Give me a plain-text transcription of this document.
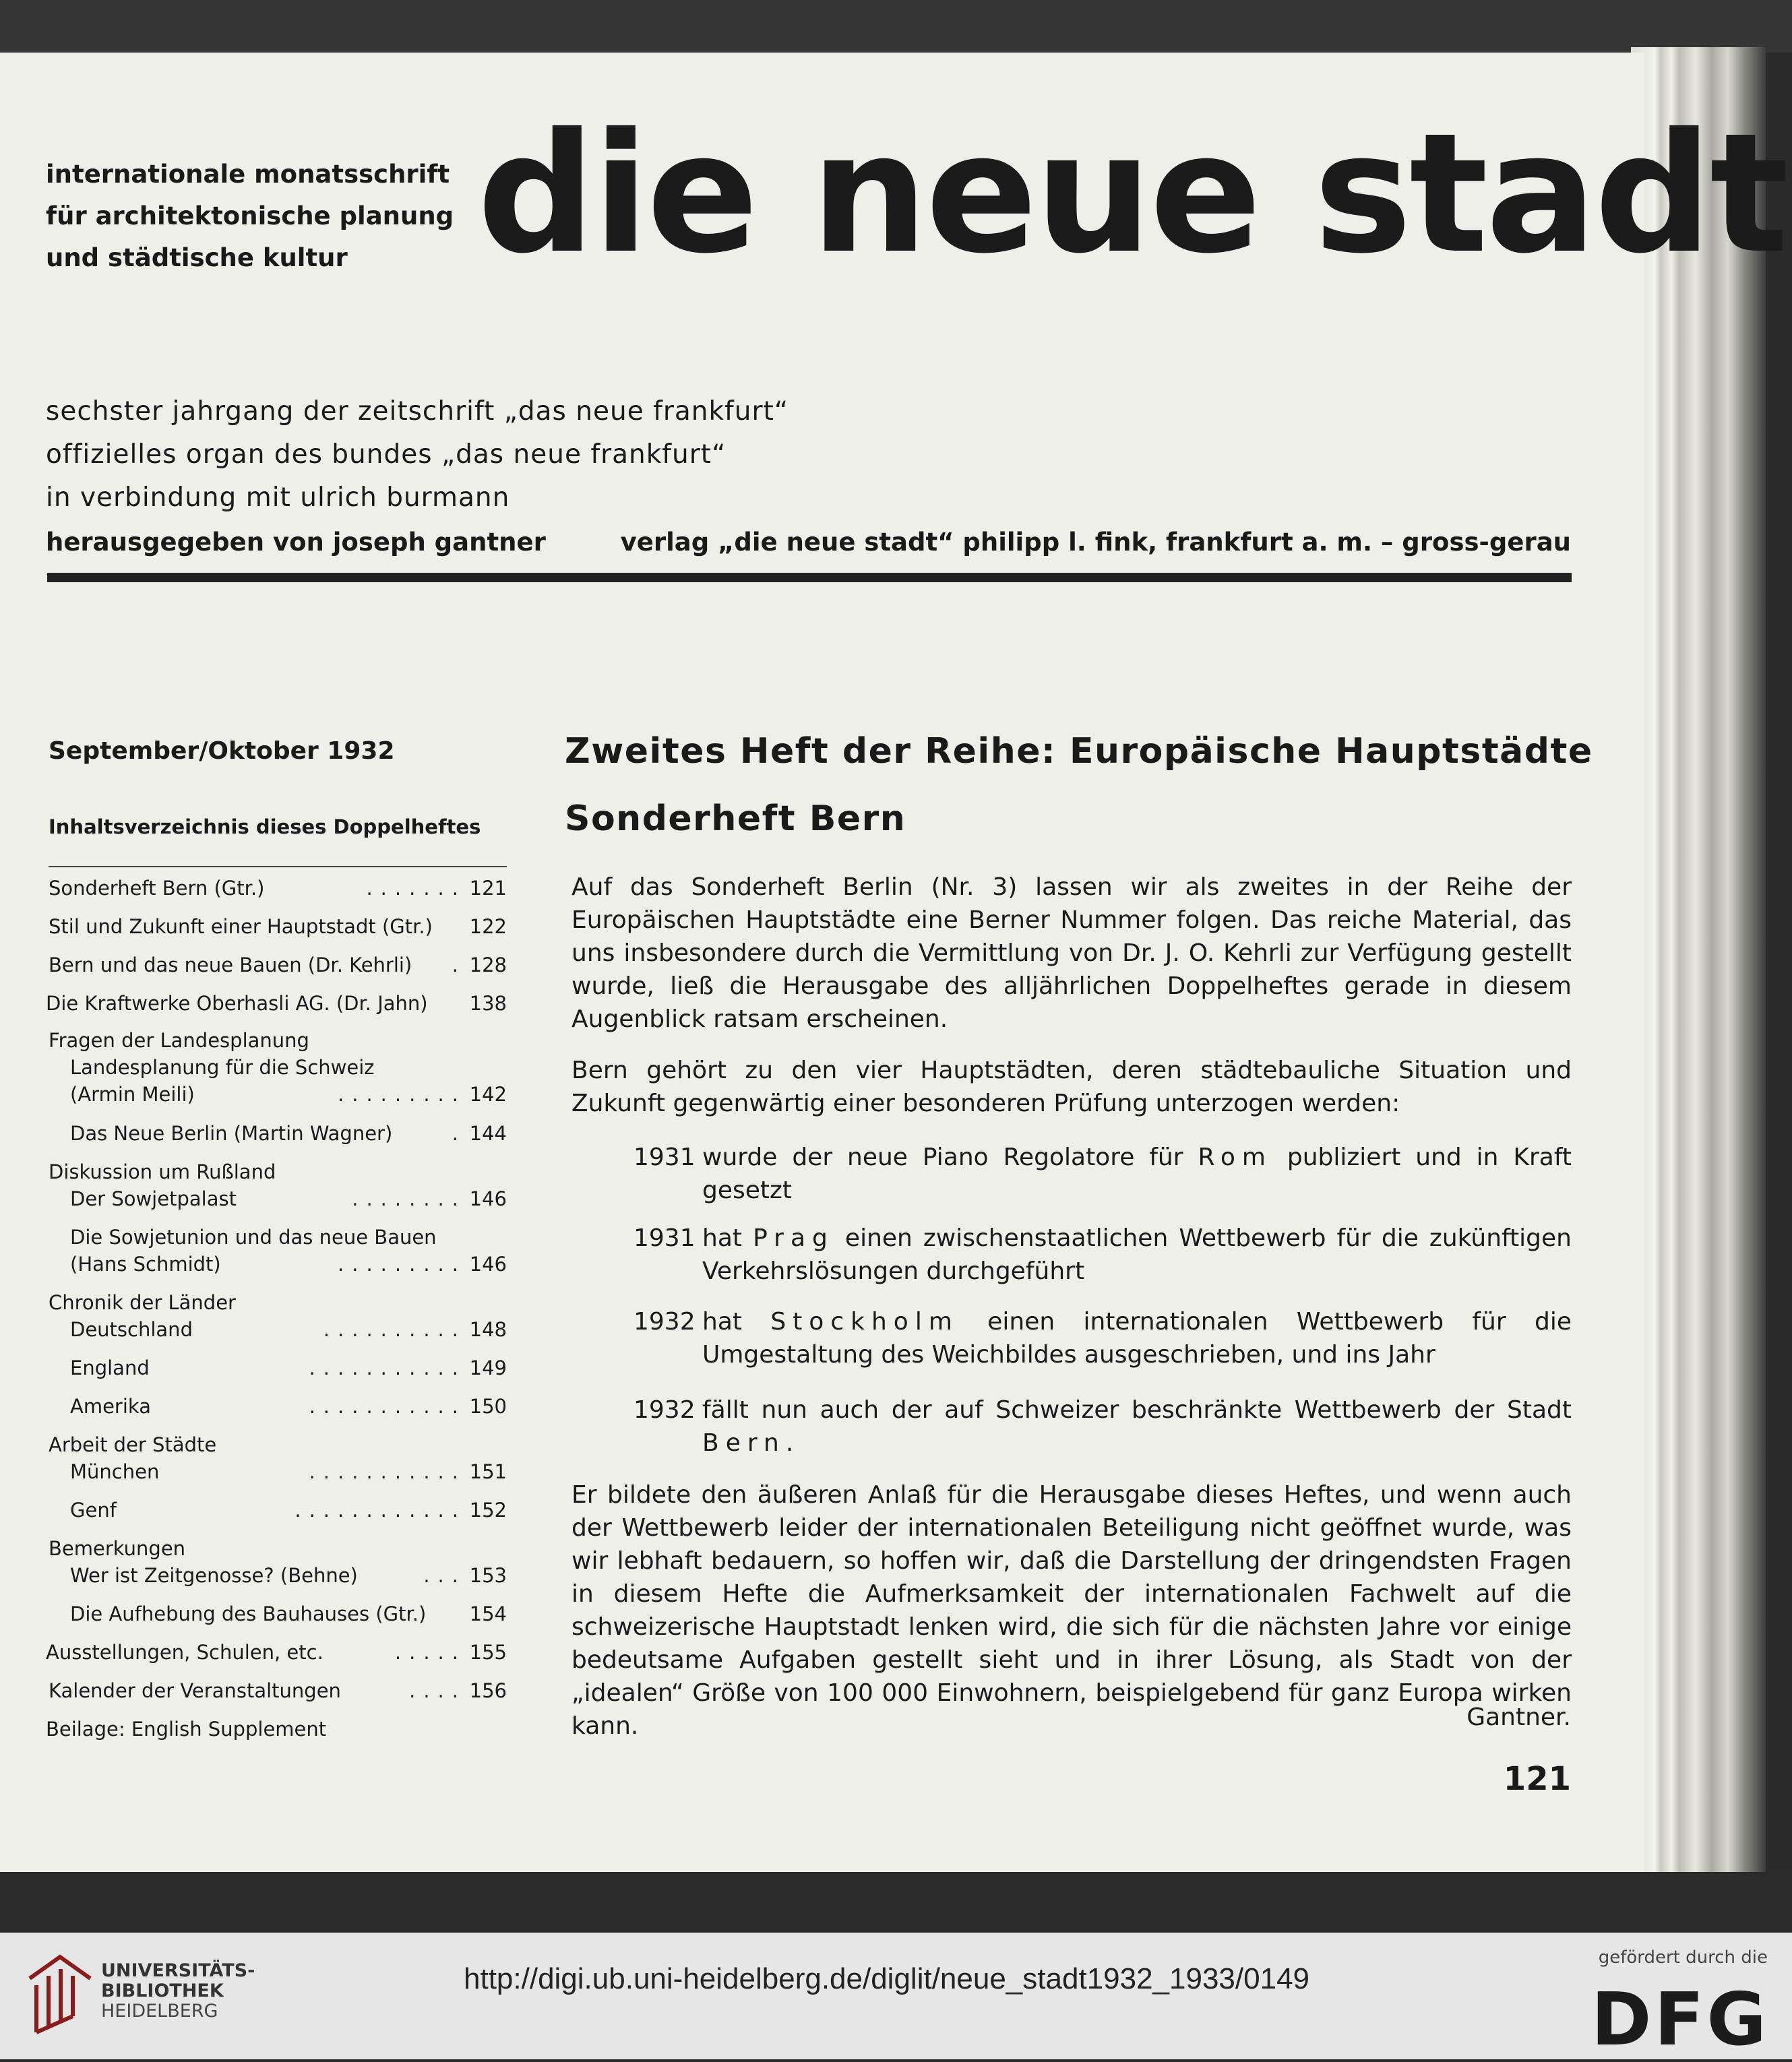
internationale monatsschrift
für architektonische planung
und städtische kultur die neue stadt
sechster jahrgang der zeitschrift „das neue frankfurt“
offizielles organ des bundes „das neue frankfurt“
in verbindung mit ulrich burmann
herausgegeben von joseph gantner	verlag „die neue stadt“ philipp l. fink, frankfurt a. m. – gross-gerau
September/Oktober 1932
Inhaltsverzeichnis dieses Doppelheftes
Sonderheft Bern (Gtr.)	....... 121
Stil und Zukunft einer Hauptstadt (Gtr.) 122
Bern und das neue Bauen (Dr. Kehrli) . 128
Die Kraftwerke Oberhasli AG. (Dr. Jahn) 138
Fragen der Landesplanung
Landesplanung für die Schweiz
(Armin Meili)	......... 142
Das Neue Berlin (Martin Wagner)	. 144
Diskussion um Rußland
Der Sowjetpalast	........ 146
Die Sowjetunion und das neue Bauen
(Hans Schmidt)	......... 146
Chronik der Länder
Deutschland	.......... 148
England	........... 149
Amerika	........... 150
Arbeit der Städte
München	........... 151
Genf	............ 152
Bemerkungen
Wer ist Zeitgenosse? (Behne)	... 153
Die Aufhebung des Bauhauses (Gtr.) 154
Ausstellungen, Schulen, etc.	..... 155
Kalender der Veranstaltungen	.... 156
Beilage: English Supplement
Zweites Heft der Reihe: Europäische Hauptstädte
Sonderheft Bern
Auf das Sonderheft Berlin (Nr. 3) lassen wir als zweites in der Reihe der Europäischen Hauptstädte eine Berner Nummer folgen. Das reiche Material, das uns insbesondere durch die Vermittlung von Dr. J. O. Kehrli zur Verfügung gestellt wurde, ließ die Herausgabe des alljährlichen Doppelheftes gerade in diesem Augenblick ratsam erscheinen.
Bern gehört zu den vier Hauptstädten, deren städtebauliche Situation und Zukunft gegenwärtig einer besonderen Prüfung unterzogen werden:
1931 wurde der neue Piano Regolatore für Rom publiziert und in Kraft gesetzt
1931 hat Prag einen zwischenstaatlichen Wettbewerb für die zukünftigen Verkehrslösungen durchgeführt
1932 hat Stockholm einen internationalen Wettbewerb für die Umgestaltung des Weichbildes ausgeschrieben, und ins Jahr
1932 fällt nun auch der auf Schweizer beschränkte Wettbewerb der Stadt Bern.
Er bildete den äußeren Anlaß für die Herausgabe dieses Heftes, und wenn auch der Wettbewerb leider der internationalen Beteiligung nicht geöffnet wurde, was wir lebhaft bedauern, so hoffen wir, daß die Darstellung der dringendsten Fragen in diesem Hefte die Aufmerksamkeit der internationalen Fachwelt auf die schweizerische Hauptstadt lenken wird, die sich für die nächsten Jahre vor einige bedeutsame Aufgaben gestellt sieht und in ihrer Lösung, als Stadt von der „idealen“ Größe von 100 000 Einwohnern, beispielgebend für ganz Europa wirken kann.	Gantner.
121
UNIVERSITÄTS-
BIBLIOTHEK
HEIDELBERG
http://digi.ub.uni-heidelberg.de/diglit/neue_stadt1932_1933/0149
gefördert durch die
DFG
